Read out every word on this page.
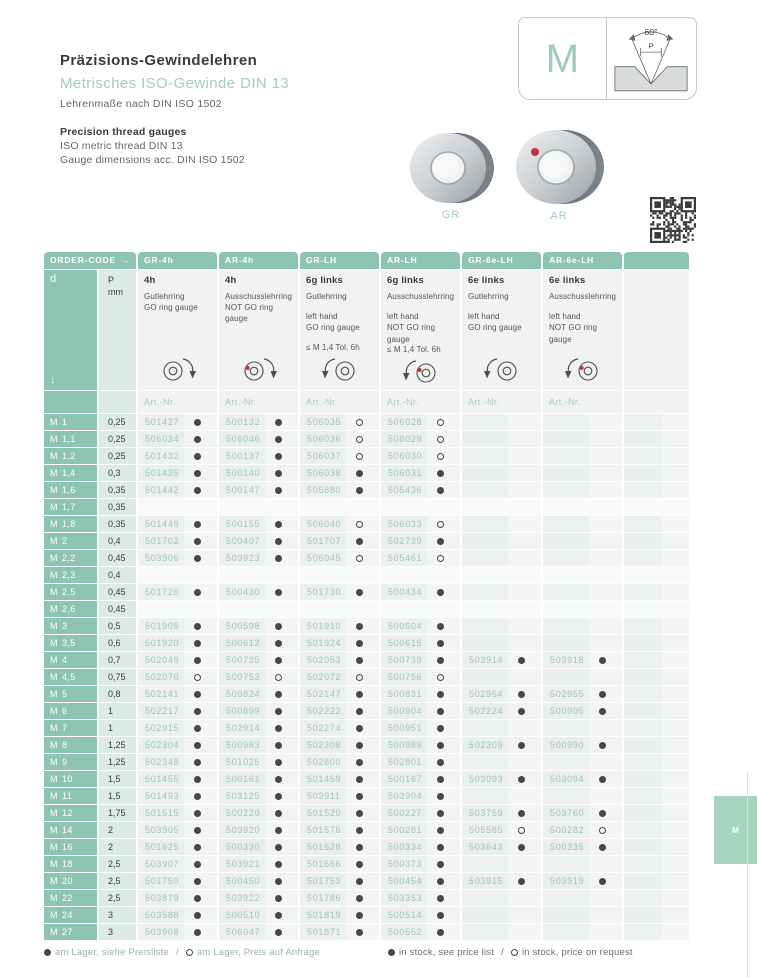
Präzisions-Gewindelehren
Metrisches ISO-Gewinde DIN 13
Lehrenmaße nach DIN ISO 1502
Precision thread gauges
ISO metric thread DIN 13
Gauge dimensions acc. DIN ISO 1502
M
60°
P
GR	AR
ORDER-CODE →
d
↓
P
mm
GR-4h
4h
Gutlehrring
GO ring gauge
Art.-Nr.
AR-4h
4h
Ausschusslehrring
NOT GO ring gauge
Art.-Nr.
GR-LH
6g links
Gutlehrring
left hand
GO ring gauge
≤ M 1,4 Tol. 6h
Art.-Nr.
AR-LH
6g links
Ausschusslehrring
left hand
NOT GO ring gauge
≤ M 1,4 Tol. 6h
Art.-Nr.
GR-6e-LH
6e links
Gutlehrring
left hand
GO ring gauge
Art.-Nr.
AR-6e-LH
6e links
Ausschusslehrring
left hand
NOT GO ring gauge
Art.-Nr.
M 1	0,25	501427	500132	506035	506028
M 1,1	0,25	506034	506046	506036	506029
M 1,2	0,25	501432	500137	506037	506030
M 1,4	0,3	501435	500140	506038	506031
M 1,6	0,35	501442	500147	505880	505436
M 1,7	0,35
M 1,8	0,35	501449	500155	506040	506033
M 2	0,4	501702	500407	501707	502739
M 2,2	0,45	503906	503923	506045	505461
M 2,3	0,4
M 2,5	0,45	501726	500430	501730	500434
M 2,6	0,45
M 3	0,5	501905	500598	501910	500604
M 3,5	0,6	501920	500612	501924	500615
M 4	0,7	502049	500735	502053	500739	503914	503918
M 4,5	0,75	502070	500753	502072	500756
M 5	0,8	502141	500824	502147	500831	502954	502955
M 6	1	502217	500899	502222	500904	502224	500905
M 7	1	502915	502914	502274	500951
M 8	1,25	502304	500983	502308	500989	502309	500990
M 9	1,25	502348	501025	502800	502801
M 10	1,5	501455	500161	501459	500167	503093	503094
M 11	1,5	501493	503125	503911	503904
M 12	1,75	501515	500220	501520	500227	503759	503760
M 14	2	503905	503920	501576	500281	505585	500282
M 16	2	501625	500330	501628	500334	503643	500335
M 18	2,5	503907	503921	501666	500373
M 20	2,5	501750	500450	501753	500454	503915	503919
M 22	2,5	503879	503922	501786	503353
M 24	3	503588	500510	501819	500514
M 27	3	503908	506047	501871	500562
am Lager, siehe Preisliste /	am Lager, Preis auf Anfrage	in stock, see price list /	in stock, price on request
M
